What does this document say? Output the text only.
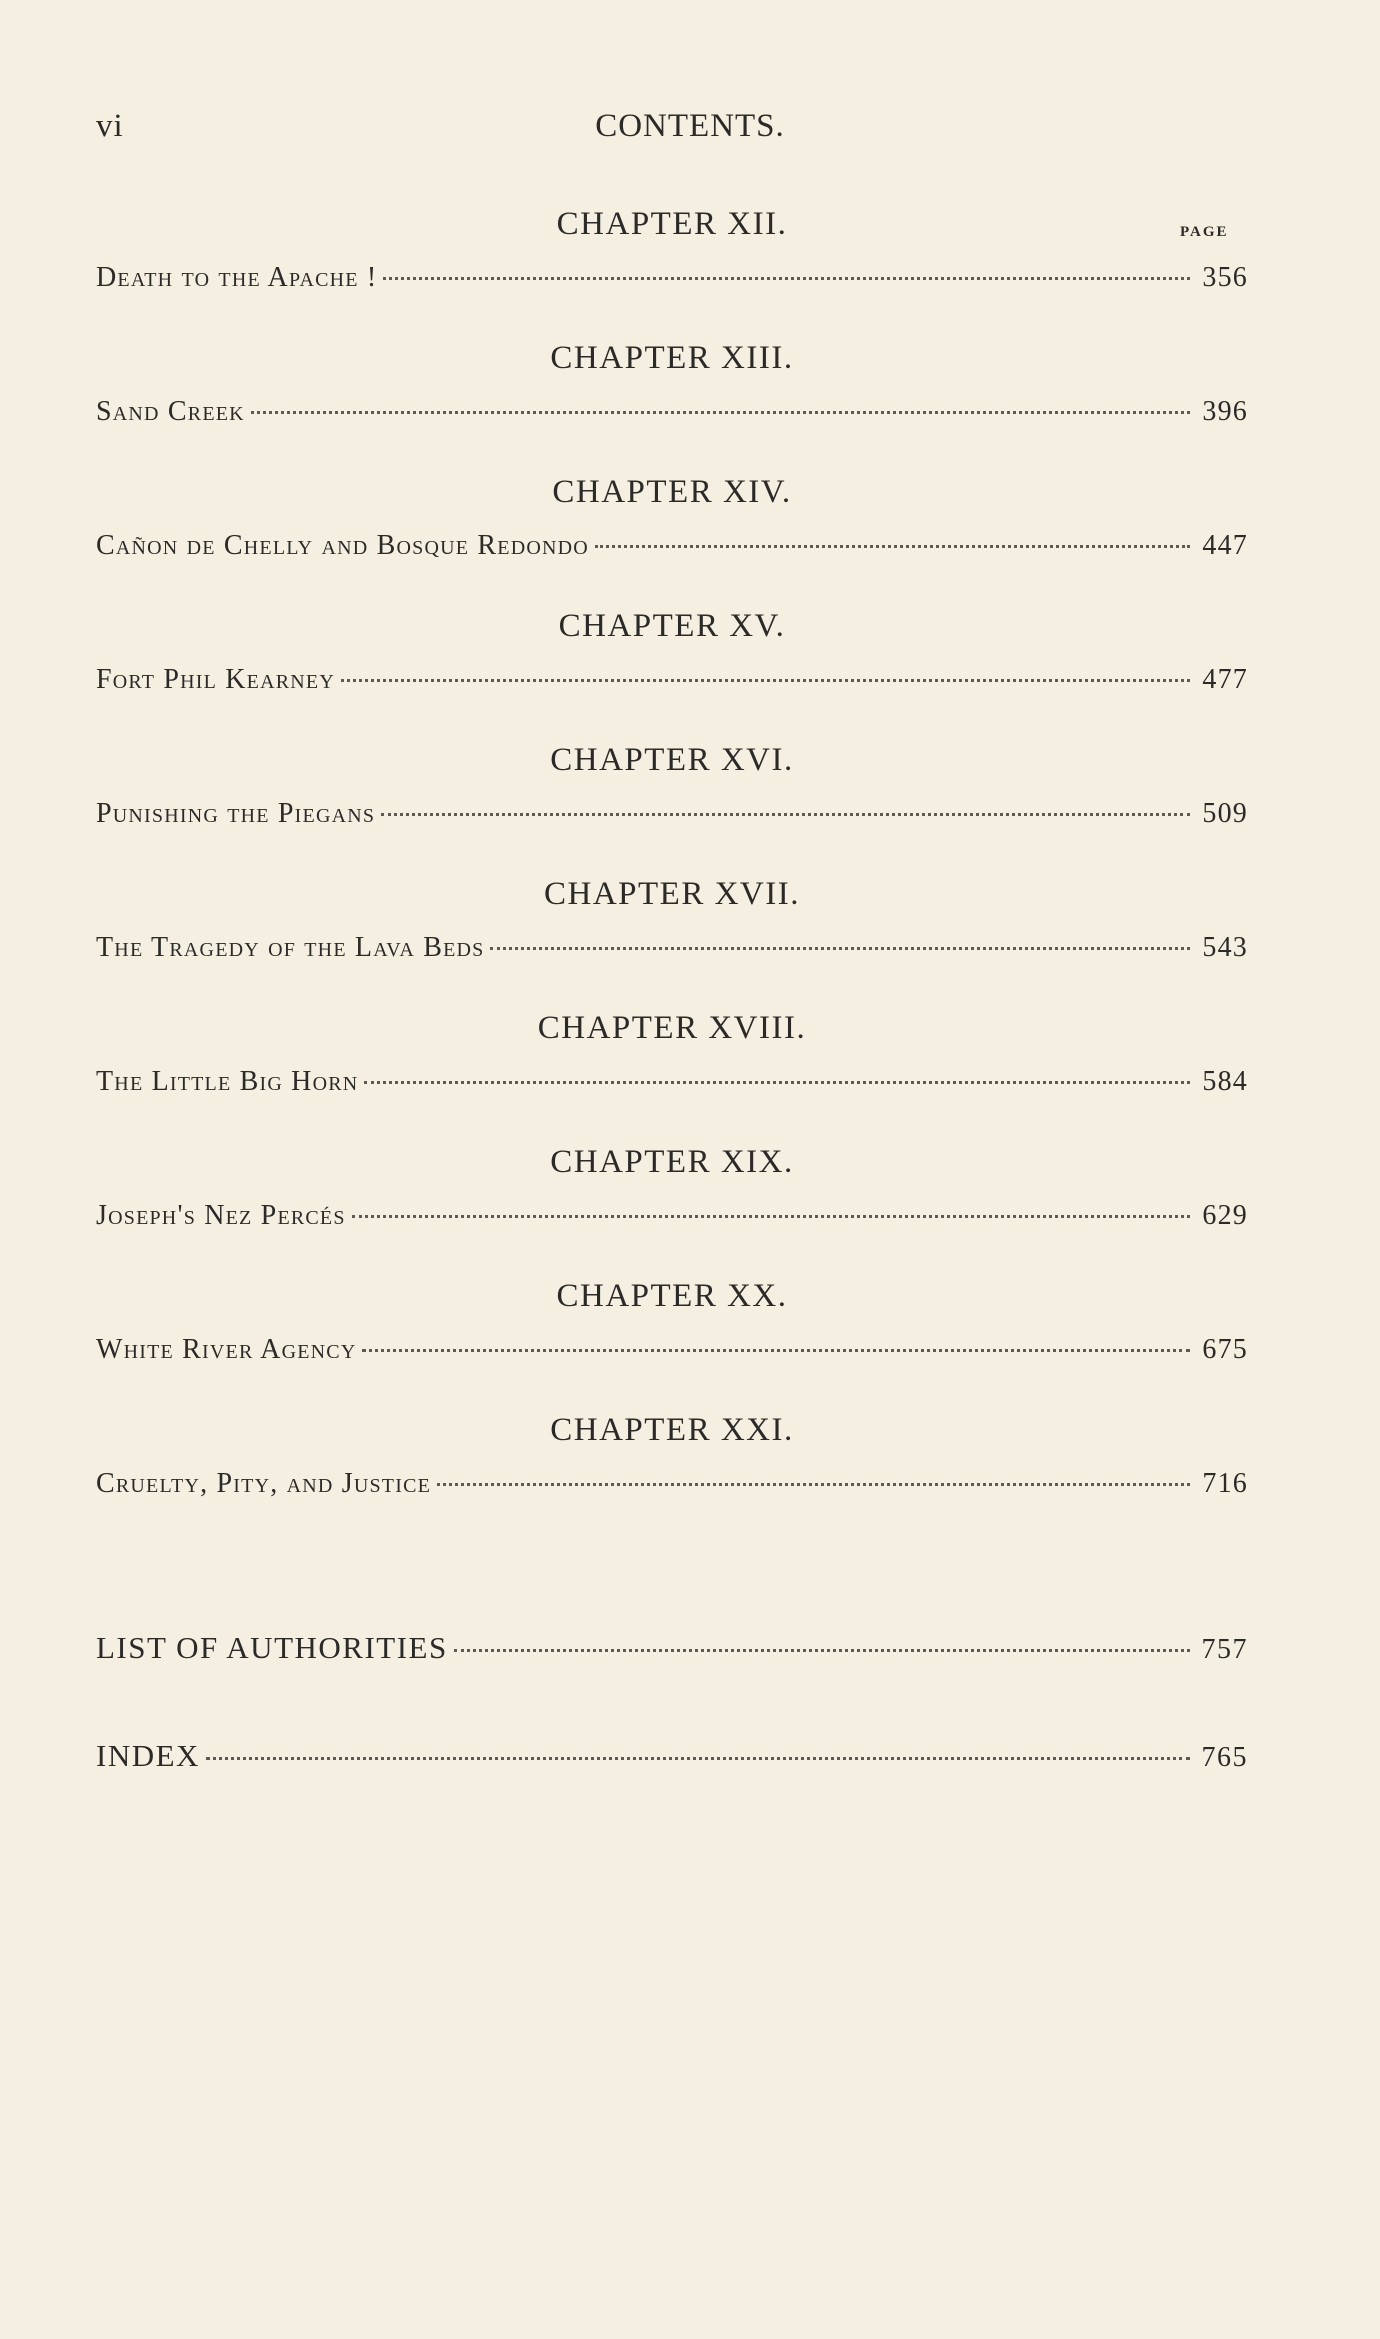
vi	CONTENTS.
PAGE
CHAPTER XII.
Death to the Apache !	356
CHAPTER XIII.
Sand Creek	396
CHAPTER XIV.
Cañon de Chelly and Bosque Redondo	447
CHAPTER XV.
Fort Phil Kearney	477
CHAPTER XVI.
Punishing the Piegans	509
CHAPTER XVII.
The Tragedy of the Lava Beds	543
CHAPTER XVIII.
The Little Big Horn	584
CHAPTER XIX.
Joseph's Nez Percés	629
CHAPTER XX.
White River Agency	675
CHAPTER XXI.
Cruelty, Pity, and Justice	716
LIST OF AUTHORITIES	757
INDEX	765
